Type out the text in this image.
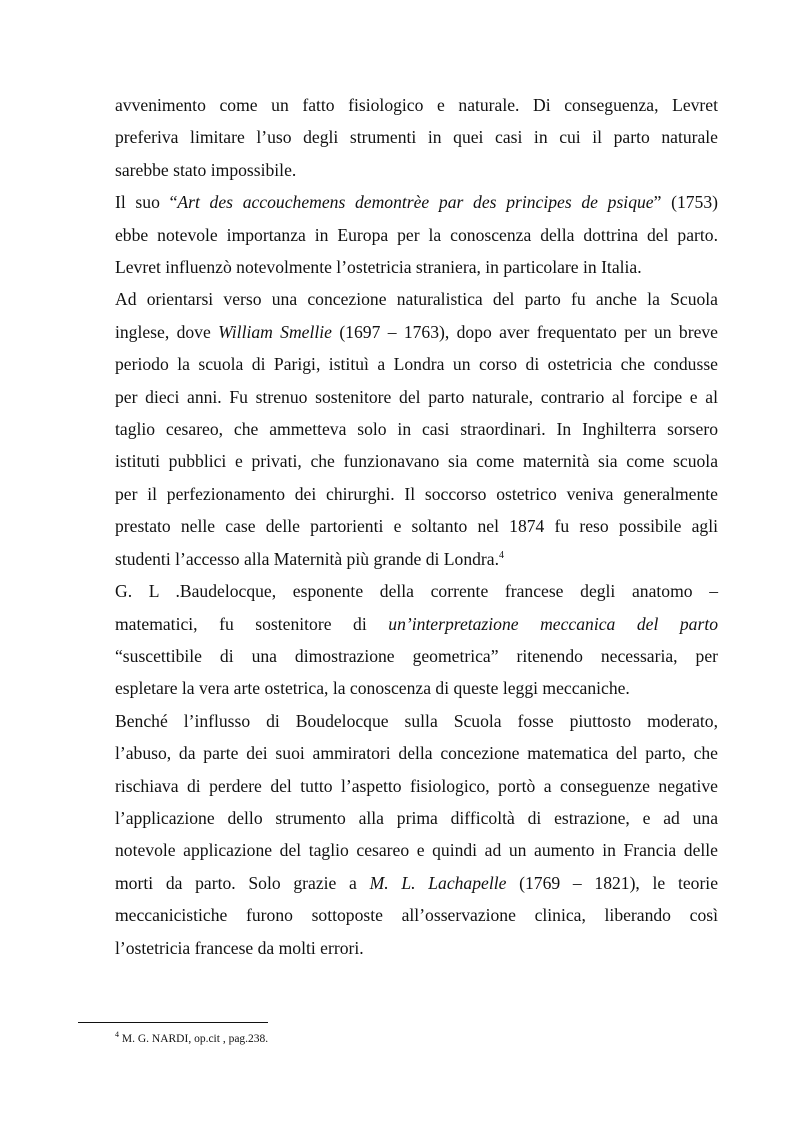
avvenimento come un fatto fisiologico e naturale. Di conseguenza, Levret
preferiva limitare l’uso degli strumenti in quei casi in cui il parto naturale
sarebbe stato impossibile.

Il suo “Art des accouchemens demontrèe par des principes de psique” (1753)
ebbe notevole importanza in Europa per la conoscenza della dottrina del parto.
Levret influenzò notevolmente l’ostetricia straniera, in particolare in Italia.

Ad orientarsi verso una concezione naturalistica del parto fu anche la Scuola
inglese, dove William Smellie (1697 – 1763), dopo aver frequentato per un breve
periodo la scuola di Parigi, istituì a Londra un corso di ostetricia che condusse
per dieci anni. Fu strenuo sostenitore del parto naturale, contrario al forcipe e al
taglio cesareo, che ammetteva solo in casi straordinari. In Inghilterra sorsero
istituti pubblici e privati, che funzionavano sia come maternità sia come scuola
per il perfezionamento dei chirurghi. Il soccorso ostetrico veniva generalmente
prestato nelle case delle partorienti e soltanto nel 1874 fu reso possibile agli
studenti l’accesso alla Maternità più grande di Londra.$^4$

G. L .Baudelocque, esponente della corrente francese degli anatomo –
matematici, fu sostenitore di un’interpretazione meccanica del parto
“suscettibile di una dimostrazione geometrica” ritenendo necessaria, per
espletare la vera arte ostetrica, la conoscenza di queste leggi meccaniche.

Benché l’influsso di Boudelocque sulla Scuola fosse piuttosto moderato,
l’abuso, da parte dei suoi ammiratori della concezione matematica del parto, che
rischiava di perdere del tutto l’aspetto fisiologico, portò a conseguenze negative
l’applicazione dello strumento alla prima difficoltà di estrazione, e ad una
notevole applicazione del taglio cesareo e quindi ad un aumento in Francia delle
morti da parto. Solo grazie a M. L. Lachapelle (1769 – 1821), le teorie
meccanicistiche furono sottoposte all’osservazione clinica, liberando così
l’ostetricia francese da molti errori.

$^4$ M. G. NARDI, op.cit , pag.238.
